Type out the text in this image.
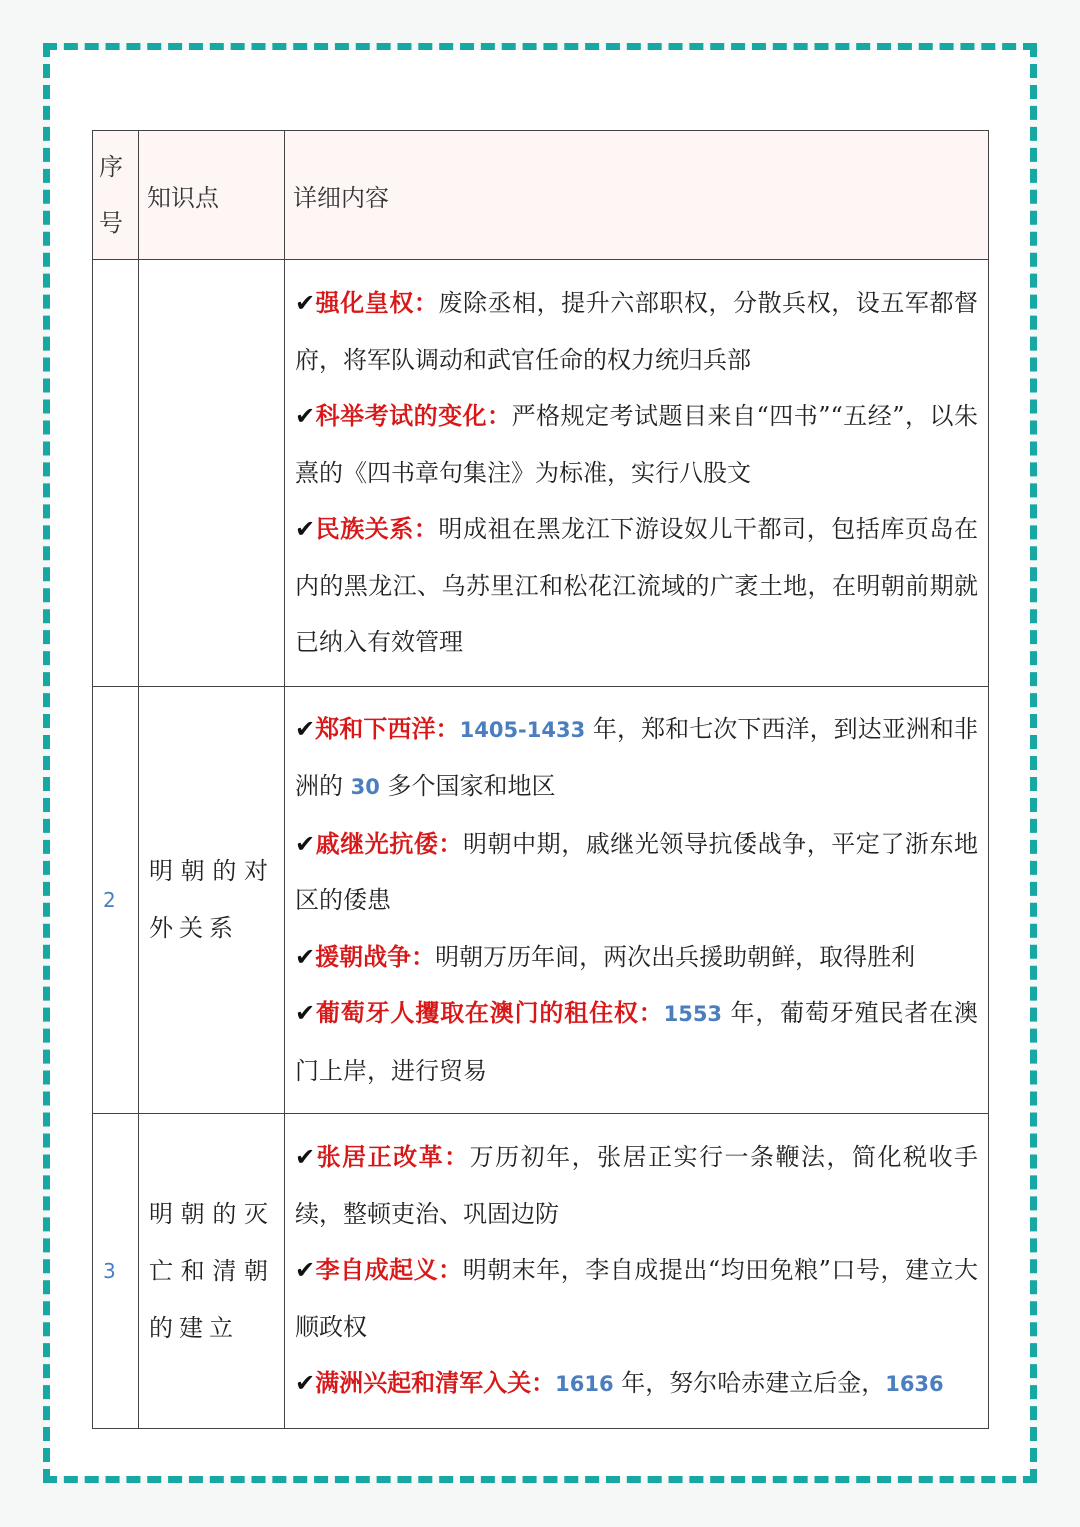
序号	知识点	详细内容

		✔强化皇权：废除丞相，提升六部职权，分散兵权，设五军都督府，将军队调动和武官任命的权力统归兵部
✔科举考试的变化：严格规定考试题目来自“四书”“五经”，以朱熹的《四书章句集注》为标准，实行八股文
✔民族关系：明成祖在黑龙江下游设奴儿干都司，包括库页岛在内的黑龙江、乌苏里江和松花江流域的广袤土地，在明朝前期就已纳入有效管理

2	明朝的对外关系	✔郑和下西洋：1405-1433 年，郑和七次下西洋，到达亚洲和非洲的 30 多个国家和地区
✔戚继光抗倭：明朝中期，戚继光领导抗倭战争，平定了浙东地区的倭患
✔援朝战争：明朝万历年间，两次出兵援助朝鲜，取得胜利
✔葡萄牙人攫取在澳门的租住权：1553 年，葡萄牙殖民者在澳门上岸，进行贸易

3	明朝的灭亡和清朝的建立	✔张居正改革：万历初年，张居正实行一条鞭法，简化税收手续，整顿吏治、巩固边防
✔李自成起义：明朝末年，李自成提出“均田免粮”口号，建立大顺政权
✔满洲兴起和清军入关：1616 年，努尔哈赤建立后金，1636
